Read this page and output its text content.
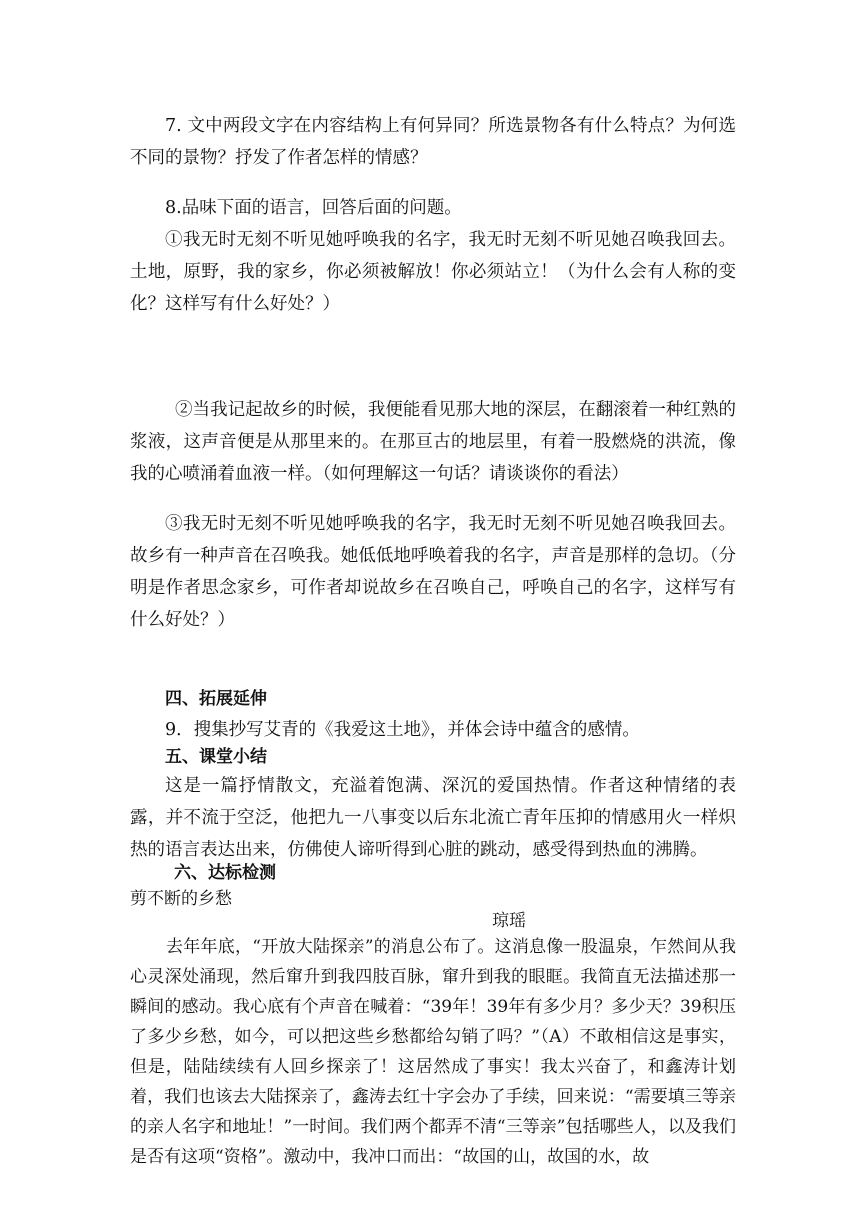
7. 文中两段文字在内容结构上有何异同？所选景物各有什么特点？为何选不同的景物？抒发了作者怎样的情感？

8.品味下面的语言，回答后面的问题。

①我无时无刻不听见她呼唤我的名字，我无时无刻不听见她召唤我回去。土地，原野，我的家乡，你必须被解放！你必须站立！（为什么会有人称的变化？这样写有什么好处？）

②当我记起故乡的时候，我便能看见那大地的深层，在翻滚着一种红熟的浆液，这声音便是从那里来的。在那亘古的地层里，有着一股燃烧的洪流，像我的心喷涌着血液一样。（如何理解这一句话？请谈谈你的看法）

③我无时无刻不听见她呼唤我的名字，我无时无刻不听见她召唤我回去。故乡有一种声音在召唤我。她低低地呼唤着我的名字，声音是那样的急切。（分明是作者思念家乡，可作者却说故乡在召唤自己，呼唤自己的名字，这样写有什么好处？）

四、拓展延伸

9．搜集抄写艾青的《我爱这土地》，并体会诗中蕴含的感情。

五、课堂小结

这是一篇抒情散文，充溢着饱满、深沉的爱国热情。作者这种情绪的表露，并不流于空泛，他把九一八事变以后东北流亡青年压抑的情感用火一样炽热的语言表达出来，仿佛使人谛听得到心脏的跳动，感受得到热血的沸腾。

六、达标检测

剪不断的乡愁

琼瑶

去年年底，“开放大陆探亲”的消息公布了。这消息像一股温泉，乍然间从我心灵深处涌现，然后窜升到我四肢百脉，窜升到我的眼眶。我简直无法描述那一瞬间的感动。我心底有个声音在喊着：“39年！39年有多少月？多少天？39积压了多少乡愁，如今，可以把这些乡愁都给勾销了吗？”（A）不敢相信这是事实，但是，陆陆续续有人回乡探亲了！这居然成了事实！我太兴奋了，和鑫涛计划着，我们也该去大陆探亲了，鑫涛去红十字会办了手续，回来说：“需要填三等亲的亲人名字和地址！”一时间。我们两个都弄不清“三等亲”包括哪些人，以及我们是否有这项“资格”。激动中，我冲口而出：“故国的山，故国的水，故
